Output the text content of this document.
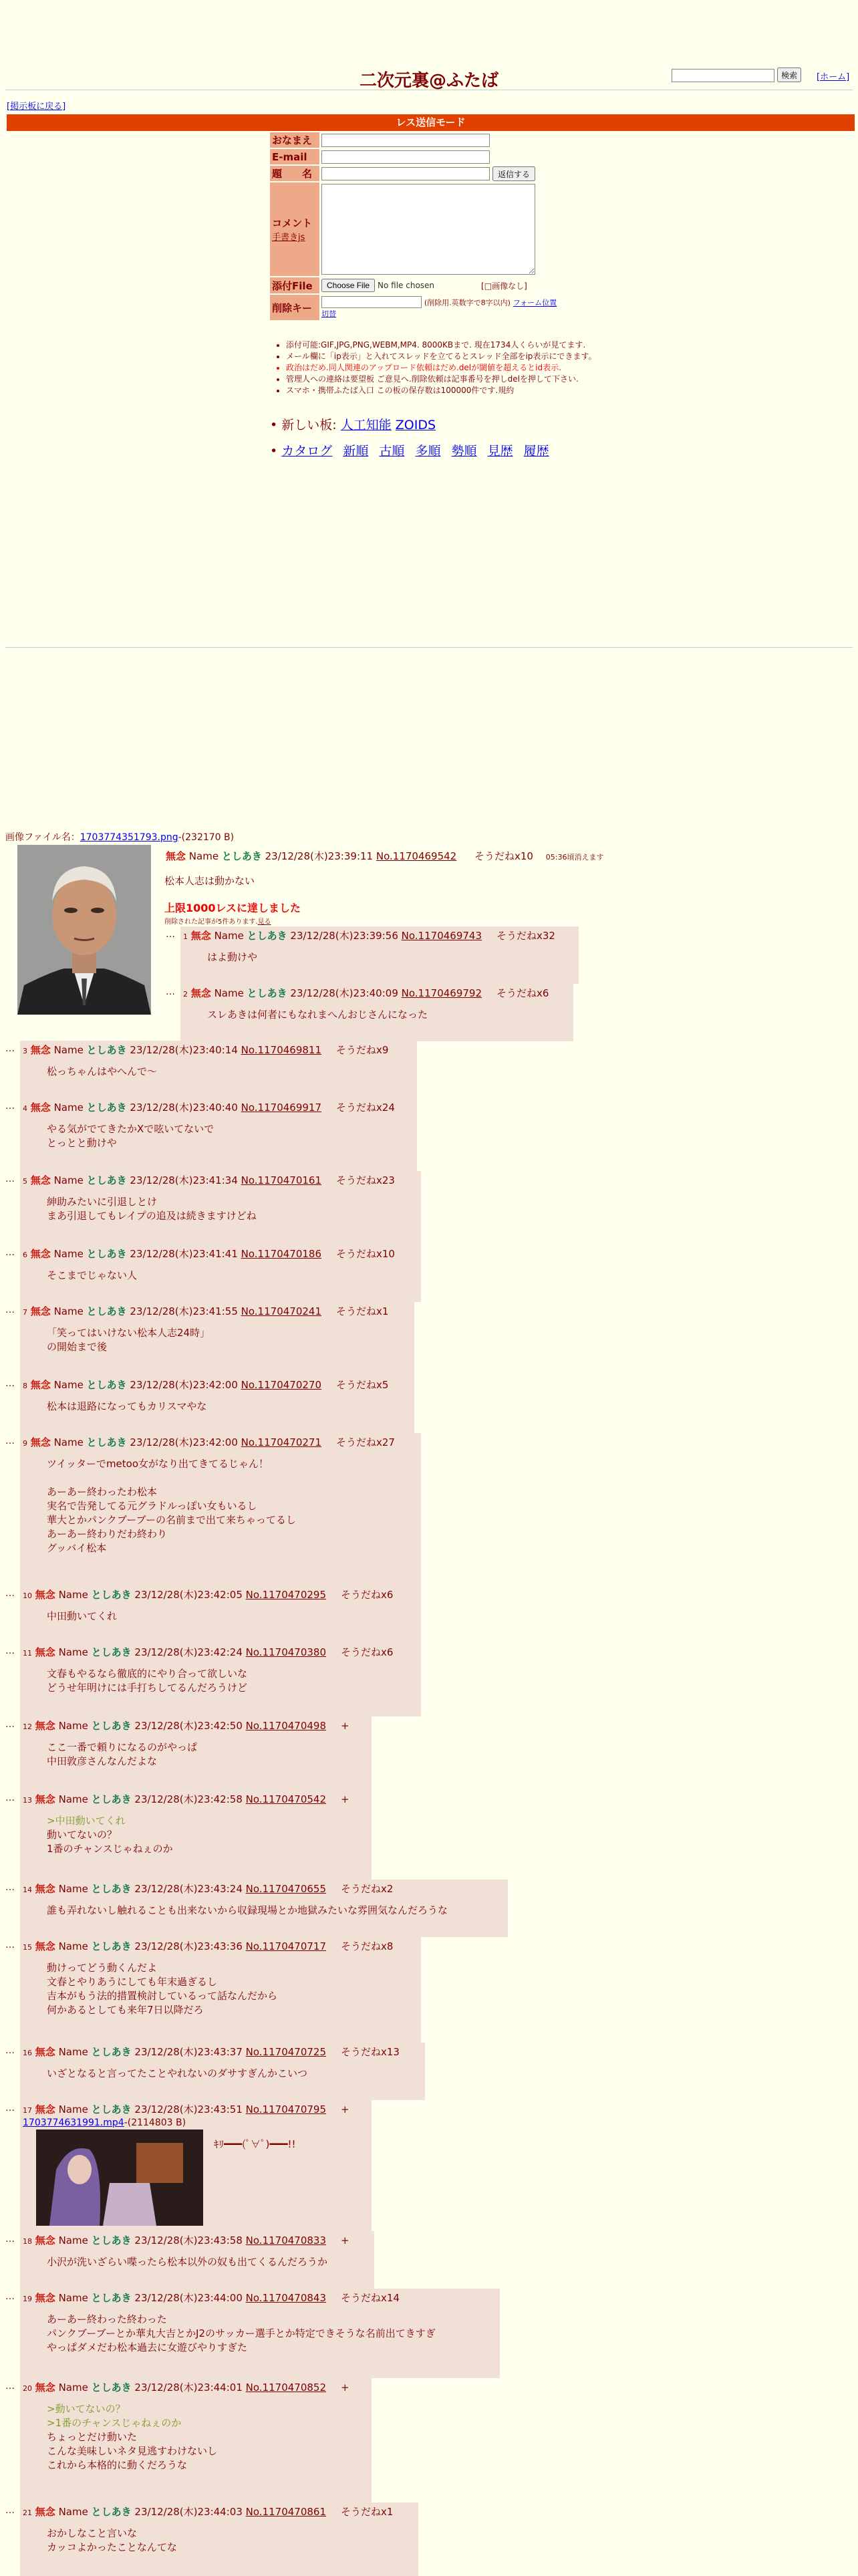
二次元裏@ふたば	検索	[ホーム]
[掲示板に戻る]
レス送信モード
おなまえ
E-mail
題　　名	返信する
コメント
手書きjs
添付File	Choose File	No file chosen	[□画像なし]
削除キー	(削除用.英数字で8字以内) フォーム位置
切替
• 添付可能:GIF,JPG,PNG,WEBM,MP4. 8000KBまで. 現在1734人くらいが見てます.
• メール欄に「ip表示」と入れてスレッドを立てるとスレッド全部をip表示にできます。
• 政治はだめ.同人関連のアップロード依頼はだめ.delが閾値を超えるとid表示.
• 管理人への連絡は要望板 ご意見へ.削除依頼は記事番号を押しdelを押して下さい.
• スマホ・携帯ふたば入口 この板の保存数は100000件です.規約
• 新しい板: 人工知能 ZOIDS
• カタログ 新順 古順 多順 勢順 見歴 履歴
画像ファイル名：1703774351793.png-(232170 B)
無念 Name としあき 23/12/28(木)23:39:11 No.1170469542 そうだねx10 05:36頃消えます
松本人志は動かない
上限1000レスに達しました
削除された記事が5件あります.見る
… 1 無念 Name としあき 23/12/28(木)23:39:56 No.1170469743 そうだねx32
はよ動けや
… 2 無念 Name としあき 23/12/28(木)23:40:09 No.1170469792 そうだねx6
スレあきは何者にもなれまへんおじさんになった
… 3 無念 Name としあき 23/12/28(木)23:40:14 No.1170469811 そうだねx9
松っちゃんはやへんで〜
… 4 無念 Name としあき 23/12/28(木)23:40:40 No.1170469917 そうだねx24
やる気がでてきたかXで呟いてないで
とっとと動けや
… 5 無念 Name としあき 23/12/28(木)23:41:34 No.1170470161 そうだねx23
紳助みたいに引退しとけ
まあ引退してもレイプの追及は続きますけどね
… 6 無念 Name としあき 23/12/28(木)23:41:41 No.1170470186 そうだねx10
そこまでじゃない人
… 7 無念 Name としあき 23/12/28(木)23:41:55 No.1170470241 そうだねx1
「笑ってはいけない松本人志24時」
の開始まで後
… 8 無念 Name としあき 23/12/28(木)23:42:00 No.1170470270 そうだねx5
松本は退路になってもカリスマやな
… 9 無念 Name としあき 23/12/28(木)23:42:00 No.1170470271 そうだねx27
ツイッターでmetoo女がなり出てきてるじゃん！

あーあー終わったわ松本
実名で告発してる元グラドルっぽい女もいるし
華大とかパンクブーブーの名前まで出て来ちゃってるし
あーあー終わりだわ終わり
グッバイ松本
… 10 無念 Name としあき 23/12/28(木)23:42:05 No.1170470295 そうだねx6
中田動いてくれ
… 11 無念 Name としあき 23/12/28(木)23:42:24 No.1170470380 そうだねx6
文春もやるなら徹底的にやり合って欲しいな
どうせ年明けには手打ちしてるんだろうけど
… 12 無念 Name としあき 23/12/28(木)23:42:50 No.1170470498 +
ここ一番で頼りになるのがやっぱ
中田敦彦さんなんだよな
… 13 無念 Name としあき 23/12/28(木)23:42:58 No.1170470542 +
>中田動いてくれ
動いてないの？
1番のチャンスじゃねぇのか
… 14 無念 Name としあき 23/12/28(木)23:43:24 No.1170470655 そうだねx2
誰も弄れないし触れることも出来ないから収録現場とか地獄みたいな雰囲気なんだろうな
… 15 無念 Name としあき 23/12/28(木)23:43:36 No.1170470717 そうだねx8
動けってどう動くんだよ
文春とやりあうにしても年末過ぎるし
吉本がもう法的措置検討しているって話なんだから
何かあるとしても来年7日以降だろ
… 16 無念 Name としあき 23/12/28(木)23:43:37 No.1170470725 そうだねx13
いざとなると言ってたことやれないのダサすぎんかこいつ
… 17 無念 Name としあき 23/12/28(木)23:43:51 No.1170470795 +
1703774631991.mp4-(2114803 B)
ｷﾘ━━━(ﾟ∀ﾟ)━━━!!
… 18 無念 Name としあき 23/12/28(木)23:43:58 No.1170470833 +
小沢が洗いざらい喋ったら松本以外の奴も出てくるんだろうか
… 19 無念 Name としあき 23/12/28(木)23:44:00 No.1170470843 そうだねx14
あーあー終わった終わった
パンクブーブーとか華丸大吉とかJ2のサッカー選手とか特定できそうな名前出てきすぎ
やっぱダメだわ松本過去に女遊びやりすぎた
… 20 無念 Name としあき 23/12/28(木)23:44:01 No.1170470852 +
>動いてないの？
>1番のチャンスじゃねぇのか
ちょっとだけ動いた
こんな美味しいネタ見逃すわけないし
これから本格的に動くだろうな
… 21 無念 Name としあき 23/12/28(木)23:44:03 No.1170470861 そうだねx1
おかしなこと言いな
カッコよかったことなんてな
